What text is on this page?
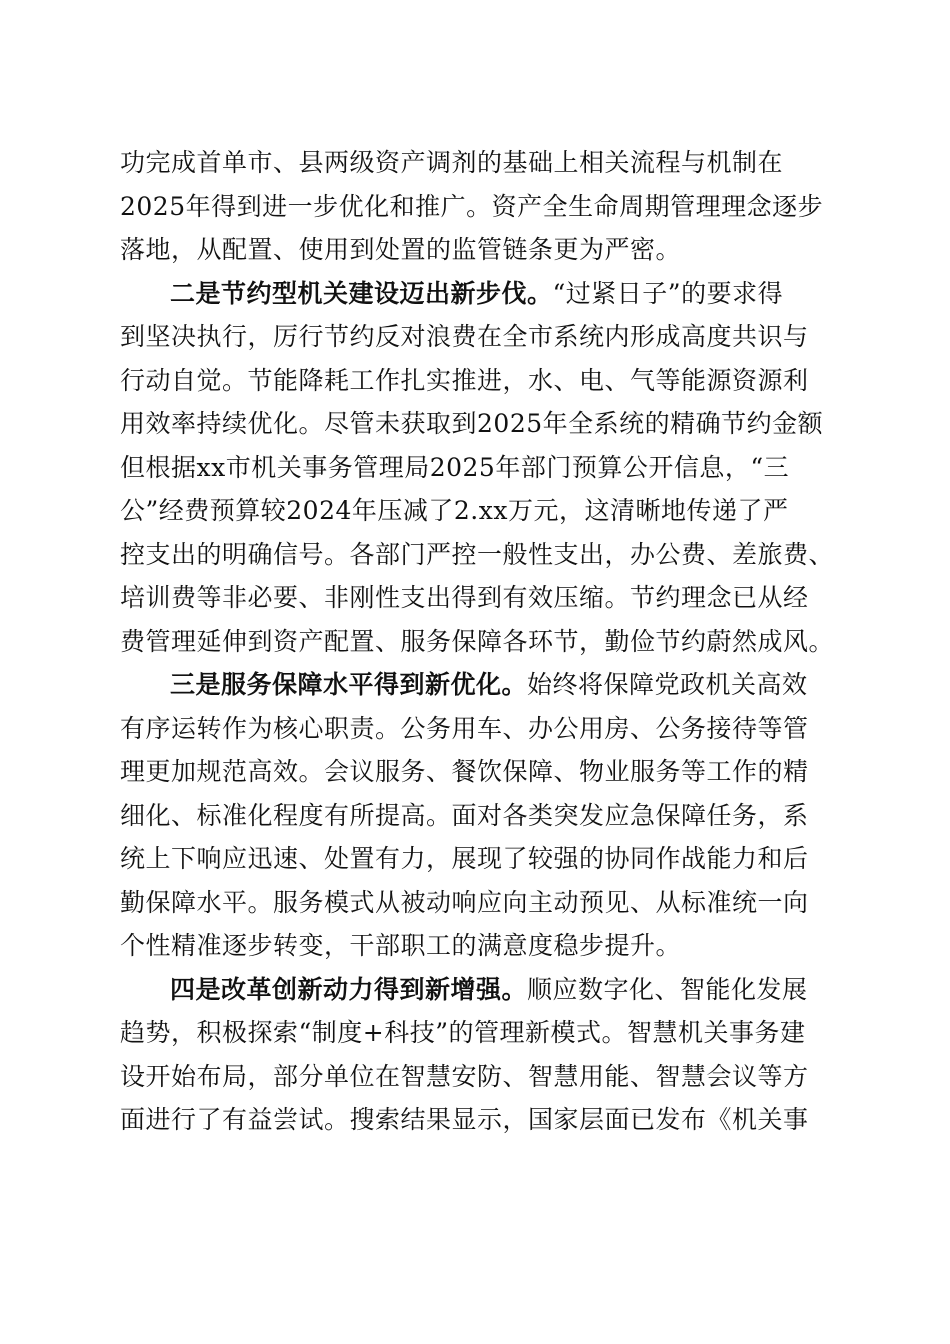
功完成首单市、县两级资产调剂的基础上相关流程与机制在
2025年得到进一步优化和推广。资产全生命周期管理理念逐步
落地，从配置、使用到处置的监管链条更为严密。
二是节约型机关建设迈出新步伐。“过紧日子”的要求得
到坚决执行，厉行节约反对浪费在全市系统内形成高度共识与
行动自觉。节能降耗工作扎实推进，水、电、气等能源资源利
用效率持续优化。尽管未获取到2025年全系统的精确节约金额
但根据xx市机关事务管理局2025年部门预算公开信息，“三
公”经费预算较2024年压减了2.xx万元，这清晰地传递了严
控支出的明确信号。各部门严控一般性支出，办公费、差旅费、
培训费等非必要、非刚性支出得到有效压缩。节约理念已从经
费管理延伸到资产配置、服务保障各环节，勤俭节约蔚然成风。
三是服务保障水平得到新优化。始终将保障党政机关高效
有序运转作为核心职责。公务用车、办公用房、公务接待等管
理更加规范高效。会议服务、餐饮保障、物业服务等工作的精
细化、标准化程度有所提高。面对各类突发应急保障任务，系
统上下响应迅速、处置有力，展现了较强的协同作战能力和后
勤保障水平。服务模式从被动响应向主动预见、从标准统一向
个性精准逐步转变，干部职工的满意度稳步提升。
四是改革创新动力得到新增强。顺应数字化、智能化发展
趋势，积极探索“制度+科技”的管理新模式。智慧机关事务建
设开始布局，部分单位在智慧安防、智慧用能、智慧会议等方
面进行了有益尝试。搜索结果显示，国家层面已发布《机关事
